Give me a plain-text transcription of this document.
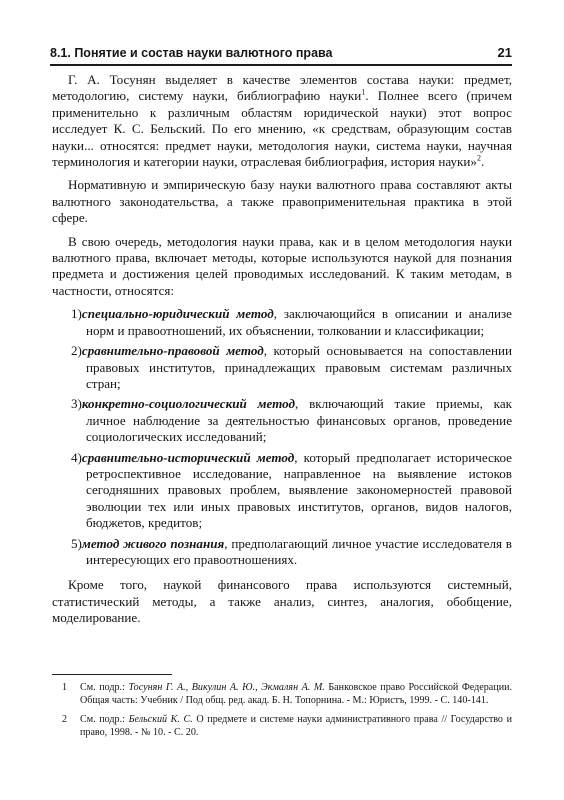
8.1. Понятие и состав науки валютного права	21

Г. А. Тосунян выделяет в качестве элементов состава науки: предмет, методологию, систему науки, библиографию науки$^1$. Полнее всего (причем применительно к различным областям юридической науки) этот вопрос исследует К. С. Бельский. По его мнению, «к средствам, образующим состав науки... относятся: предмет науки, методология науки, система науки, научная терминология и категории науки, отраслевая библиография, история науки»$^2$.

Нормативную и эмпирическую базу науки валютного права составляют акты валютного законодательства, а также правоприменительная практика в этой сфере.

В свою очередь, методология науки права, как и в целом методология науки валютного права, включает методы, которые используются наукой для познания предмета и достижения целей проводимых исследований. К таким методам, в частности, относятся:

1)специально-юридический метод, заключающийся в описании и анализе норм и правоотношений, их объяснении, толковании и классификации;
2)сравнительно-правовой метод, который основывается на сопоставлении правовых институтов, принадлежащих правовым системам различных стран;
3)конкретно-социологический метод, включающий такие приемы, как личное наблюдение за деятельностью финансовых органов, проведение социологических исследований;
4)сравнительно-исторический метод, который предполагает историческое ретроспективное исследование, направленное на выявление истоков сегодняшних правовых проблем, выявление закономерностей правовой эволюции тех или иных правовых институтов, органов, видов налогов, бюджетов, кредитов;
5)метод живого познания, предполагающий личное участие исследователя в интересующих его правоотношениях.

Кроме того, наукой финансового права используются системный, статистический методы, а также анализ, синтез, аналогия, обобщение, моделирование.

1 См. подр.: Тосунян Г. А., Викулин А. Ю., Экмалян А. М. Банковское право Российской Федерации. Общая часть: Учебник / Под общ. ред. акад. Б. Н. Топорнина. - М.: Юристъ, 1999. - С. 140-141.
2 См. подр.: Бельский К. С. О предмете и системе науки административного права // Государство и право, 1998. - № 10. - С. 20.
